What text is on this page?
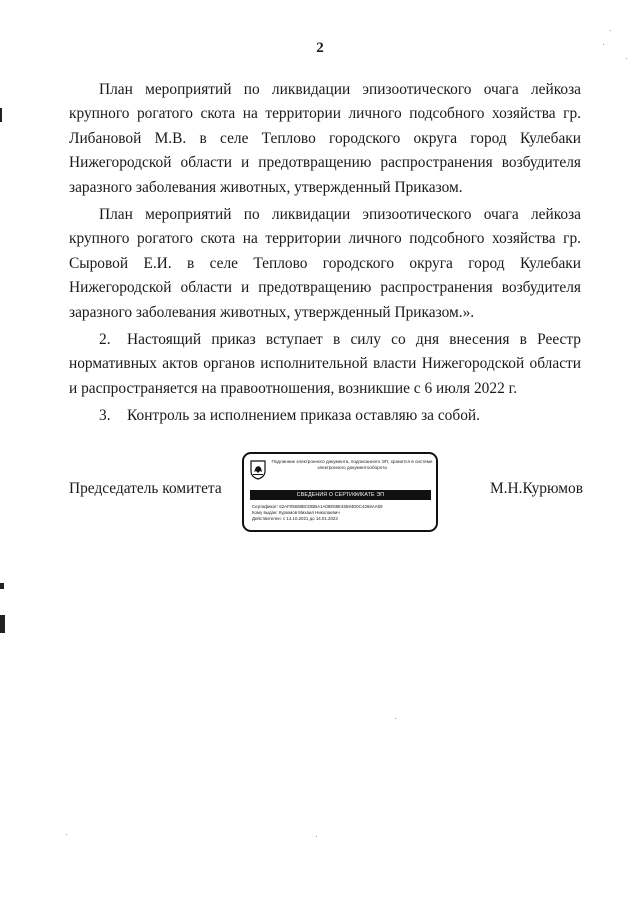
2

План мероприятий по ликвидации эпизоотического очага лейкоза крупного рогатого скота на территории личного подсобного хозяйства гр. Либановой М.В. в селе Теплово городского округа город Кулебаки Нижегородской области и предотвращению распространения возбудителя заразного заболевания животных, утвержденный Приказом.

План мероприятий по ликвидации эпизоотического очага лейкоза крупного рогатого скота на территории личного подсобного хозяйства гр. Сыровой Е.И. в селе Теплово городского округа город Кулебаки Нижегородской области и предотвращению распространения возбудителя заразного заболевания животных, утвержденный Приказом.».

2. Настоящий приказ вступает в силу со дня внесения в Реестр нормативных актов органов исполнительной власти Нижегородской области и распространяется на правоотношения, возникшие с 6 июля 2022 г.

3. Контроль за исполнением приказа оставляю за собой.

Председатель комитета	М.Н.Курюмов
Подлинник электронного документа, подписанного ЭП, хранится в системе электронного документооборота
СВЕДЕНИЯ О СЕРТИФИКАТЕ ЭП
Сертификат: 62AF05658BCDBBA1A08E58E45594D0C4268AA59
Кому выдан: Курюмов Михаил Николаевич
Действителен: с 14.10.2021 до 14.01.2023
